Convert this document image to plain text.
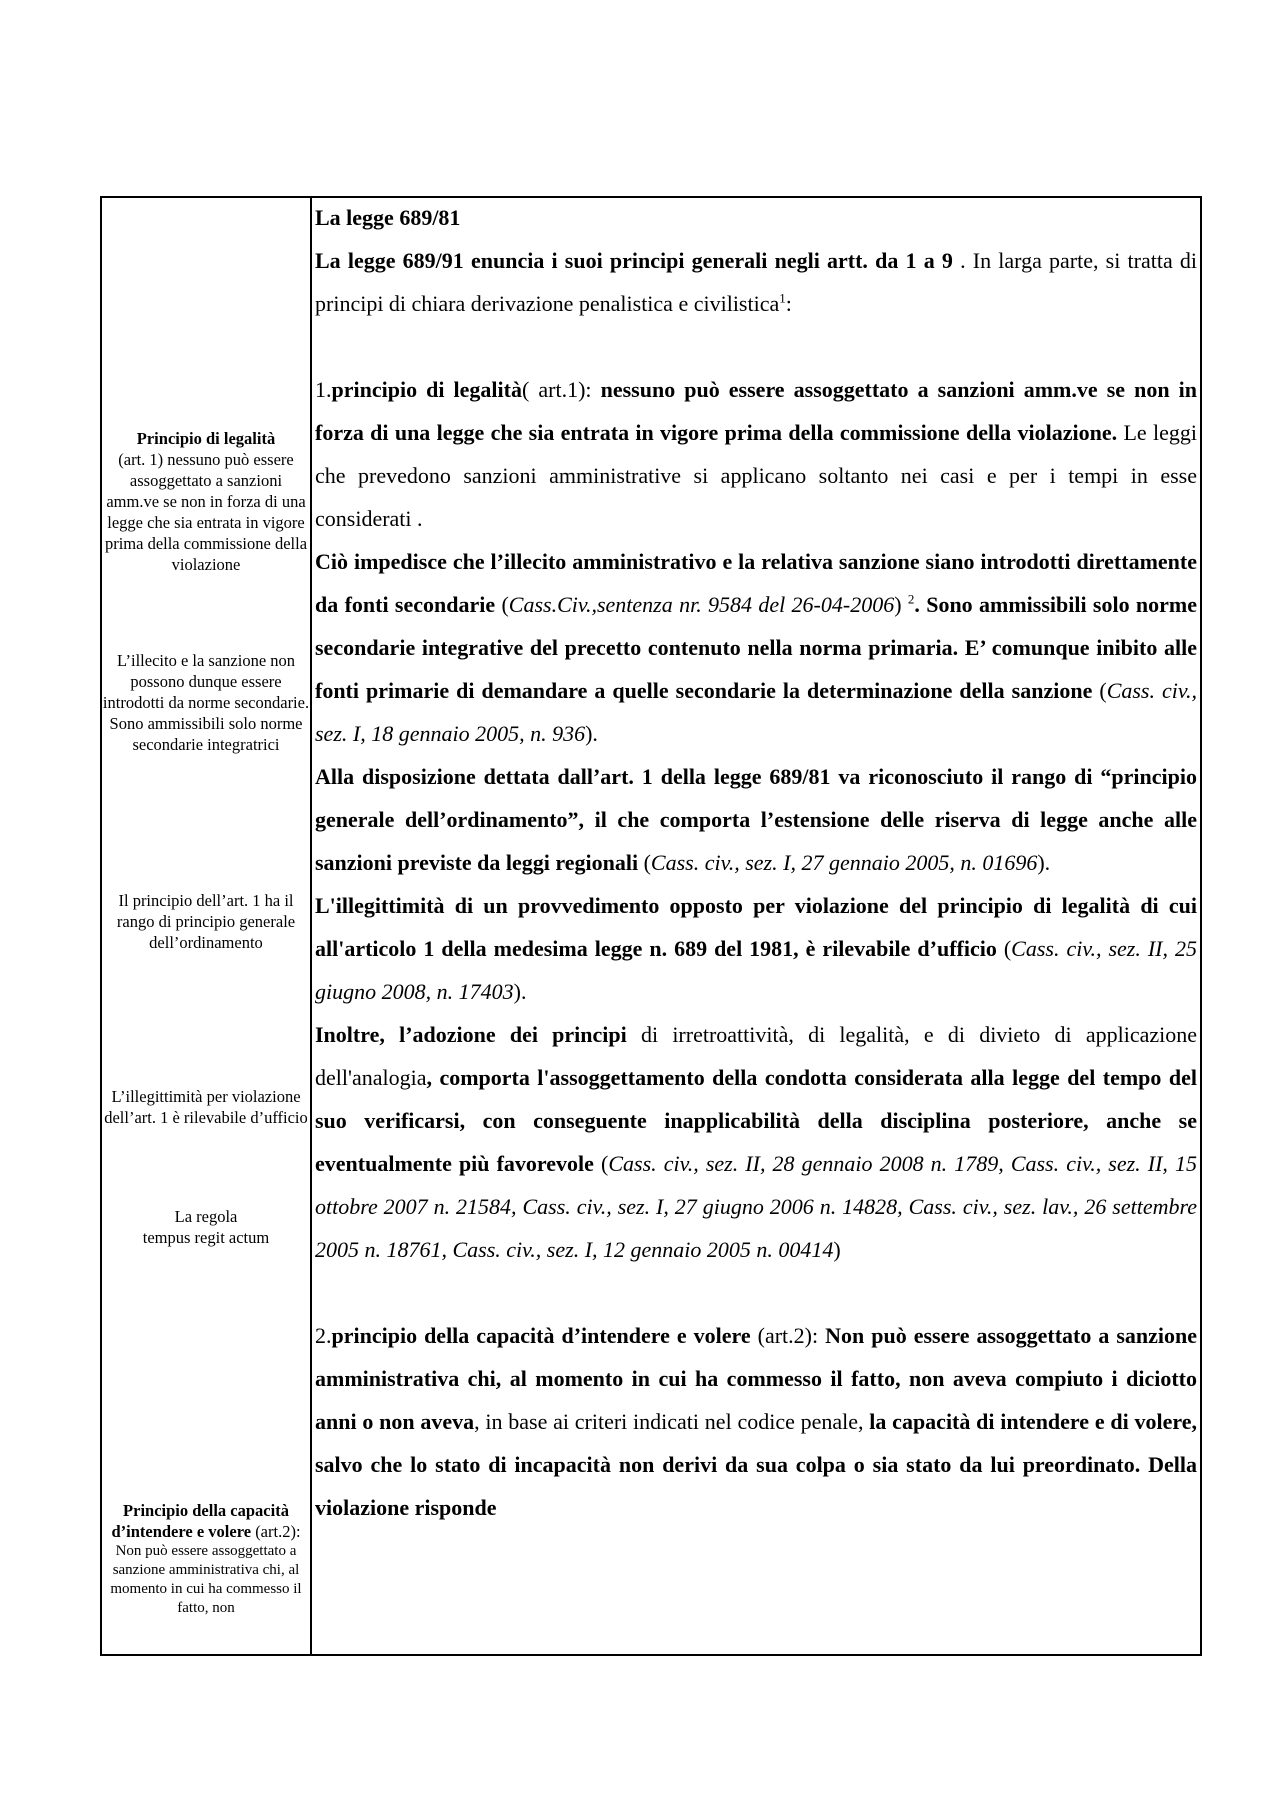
Principio di legalità
(art. 1) nessuno può essere assoggettato a sanzioni amm.ve se non in forza di una legge che sia entrata in vigore prima della commissione della violazione
L’illecito e la sanzione non possono dunque essere introdotti da norme secondarie. Sono ammissibili solo norme secondarie integratrici
Il principio dell’art. 1 ha il rango di principio generale dell’ordinamento
L’illegittimità per violazione dell’art. 1 è rilevabile d’ufficio
La regola
tempus regit actum
Principio della capacità d’intendere e volere (art.2):
Non può essere assoggettato a sanzione amministrativa chi, al momento in cui ha commesso il fatto, non

La legge 689/81

La legge 689/91 enuncia i suoi principi generali negli artt. da 1 a 9 . In larga parte, si tratta di principi di chiara derivazione penalistica e civilistica$^1$:

1.principio di legalità( art.1): nessuno può essere assoggettato a sanzioni amm.ve se non in forza di una legge che sia entrata in vigore prima della commissione della violazione. Le leggi che prevedono sanzioni amministrative si applicano soltanto nei casi e per i tempi in esse considerati .

Ciò impedisce che l’illecito amministrativo e la relativa sanzione siano introdotti direttamente da fonti secondarie (Cass.Civ.,sentenza nr. 9584 del 26-04-2006) $^2$. Sono ammissibili solo norme secondarie integrative del precetto contenuto nella norma primaria. E’ comunque inibito alle fonti primarie di demandare a quelle secondarie la determinazione della sanzione (Cass. civ., sez. I, 18 gennaio 2005, n. 936).

Alla disposizione dettata dall’art. 1 della legge 689/81 va riconosciuto il rango di “principio generale dell’ordinamento”, il che comporta l’estensione delle riserva di legge anche alle sanzioni previste da leggi regionali (Cass. civ., sez. I, 27 gennaio 2005, n. 01696).

L'illegittimità di un provvedimento opposto per violazione del principio di legalità di cui all'articolo 1 della medesima legge n. 689 del 1981, è rilevabile d’ufficio (Cass. civ., sez. II, 25 giugno 2008, n. 17403).

Inoltre, l’adozione dei principi di irretroattività, di legalità, e di divieto di applicazione dell'analogia, comporta l'assoggettamento della condotta considerata alla legge del tempo del suo verificarsi, con conseguente inapplicabilità della disciplina posteriore, anche se eventualmente più favorevole (Cass. civ., sez. II, 28 gennaio 2008 n. 1789, Cass. civ., sez. II, 15 ottobre 2007 n. 21584, Cass. civ., sez. I, 27 giugno 2006 n. 14828, Cass. civ., sez. lav., 26 settembre 2005 n. 18761, Cass. civ., sez. I, 12 gennaio 2005 n. 00414)

2.principio della capacità d’intendere e volere (art.2): Non può essere assoggettato a sanzione amministrativa chi, al momento in cui ha commesso il fatto, non aveva compiuto i diciotto anni o non aveva, in base ai criteri indicati nel codice penale, la capacità di intendere e di volere, salvo che lo stato di incapacità non derivi da sua colpa o sia stato da lui preordinato. Della violazione risponde
